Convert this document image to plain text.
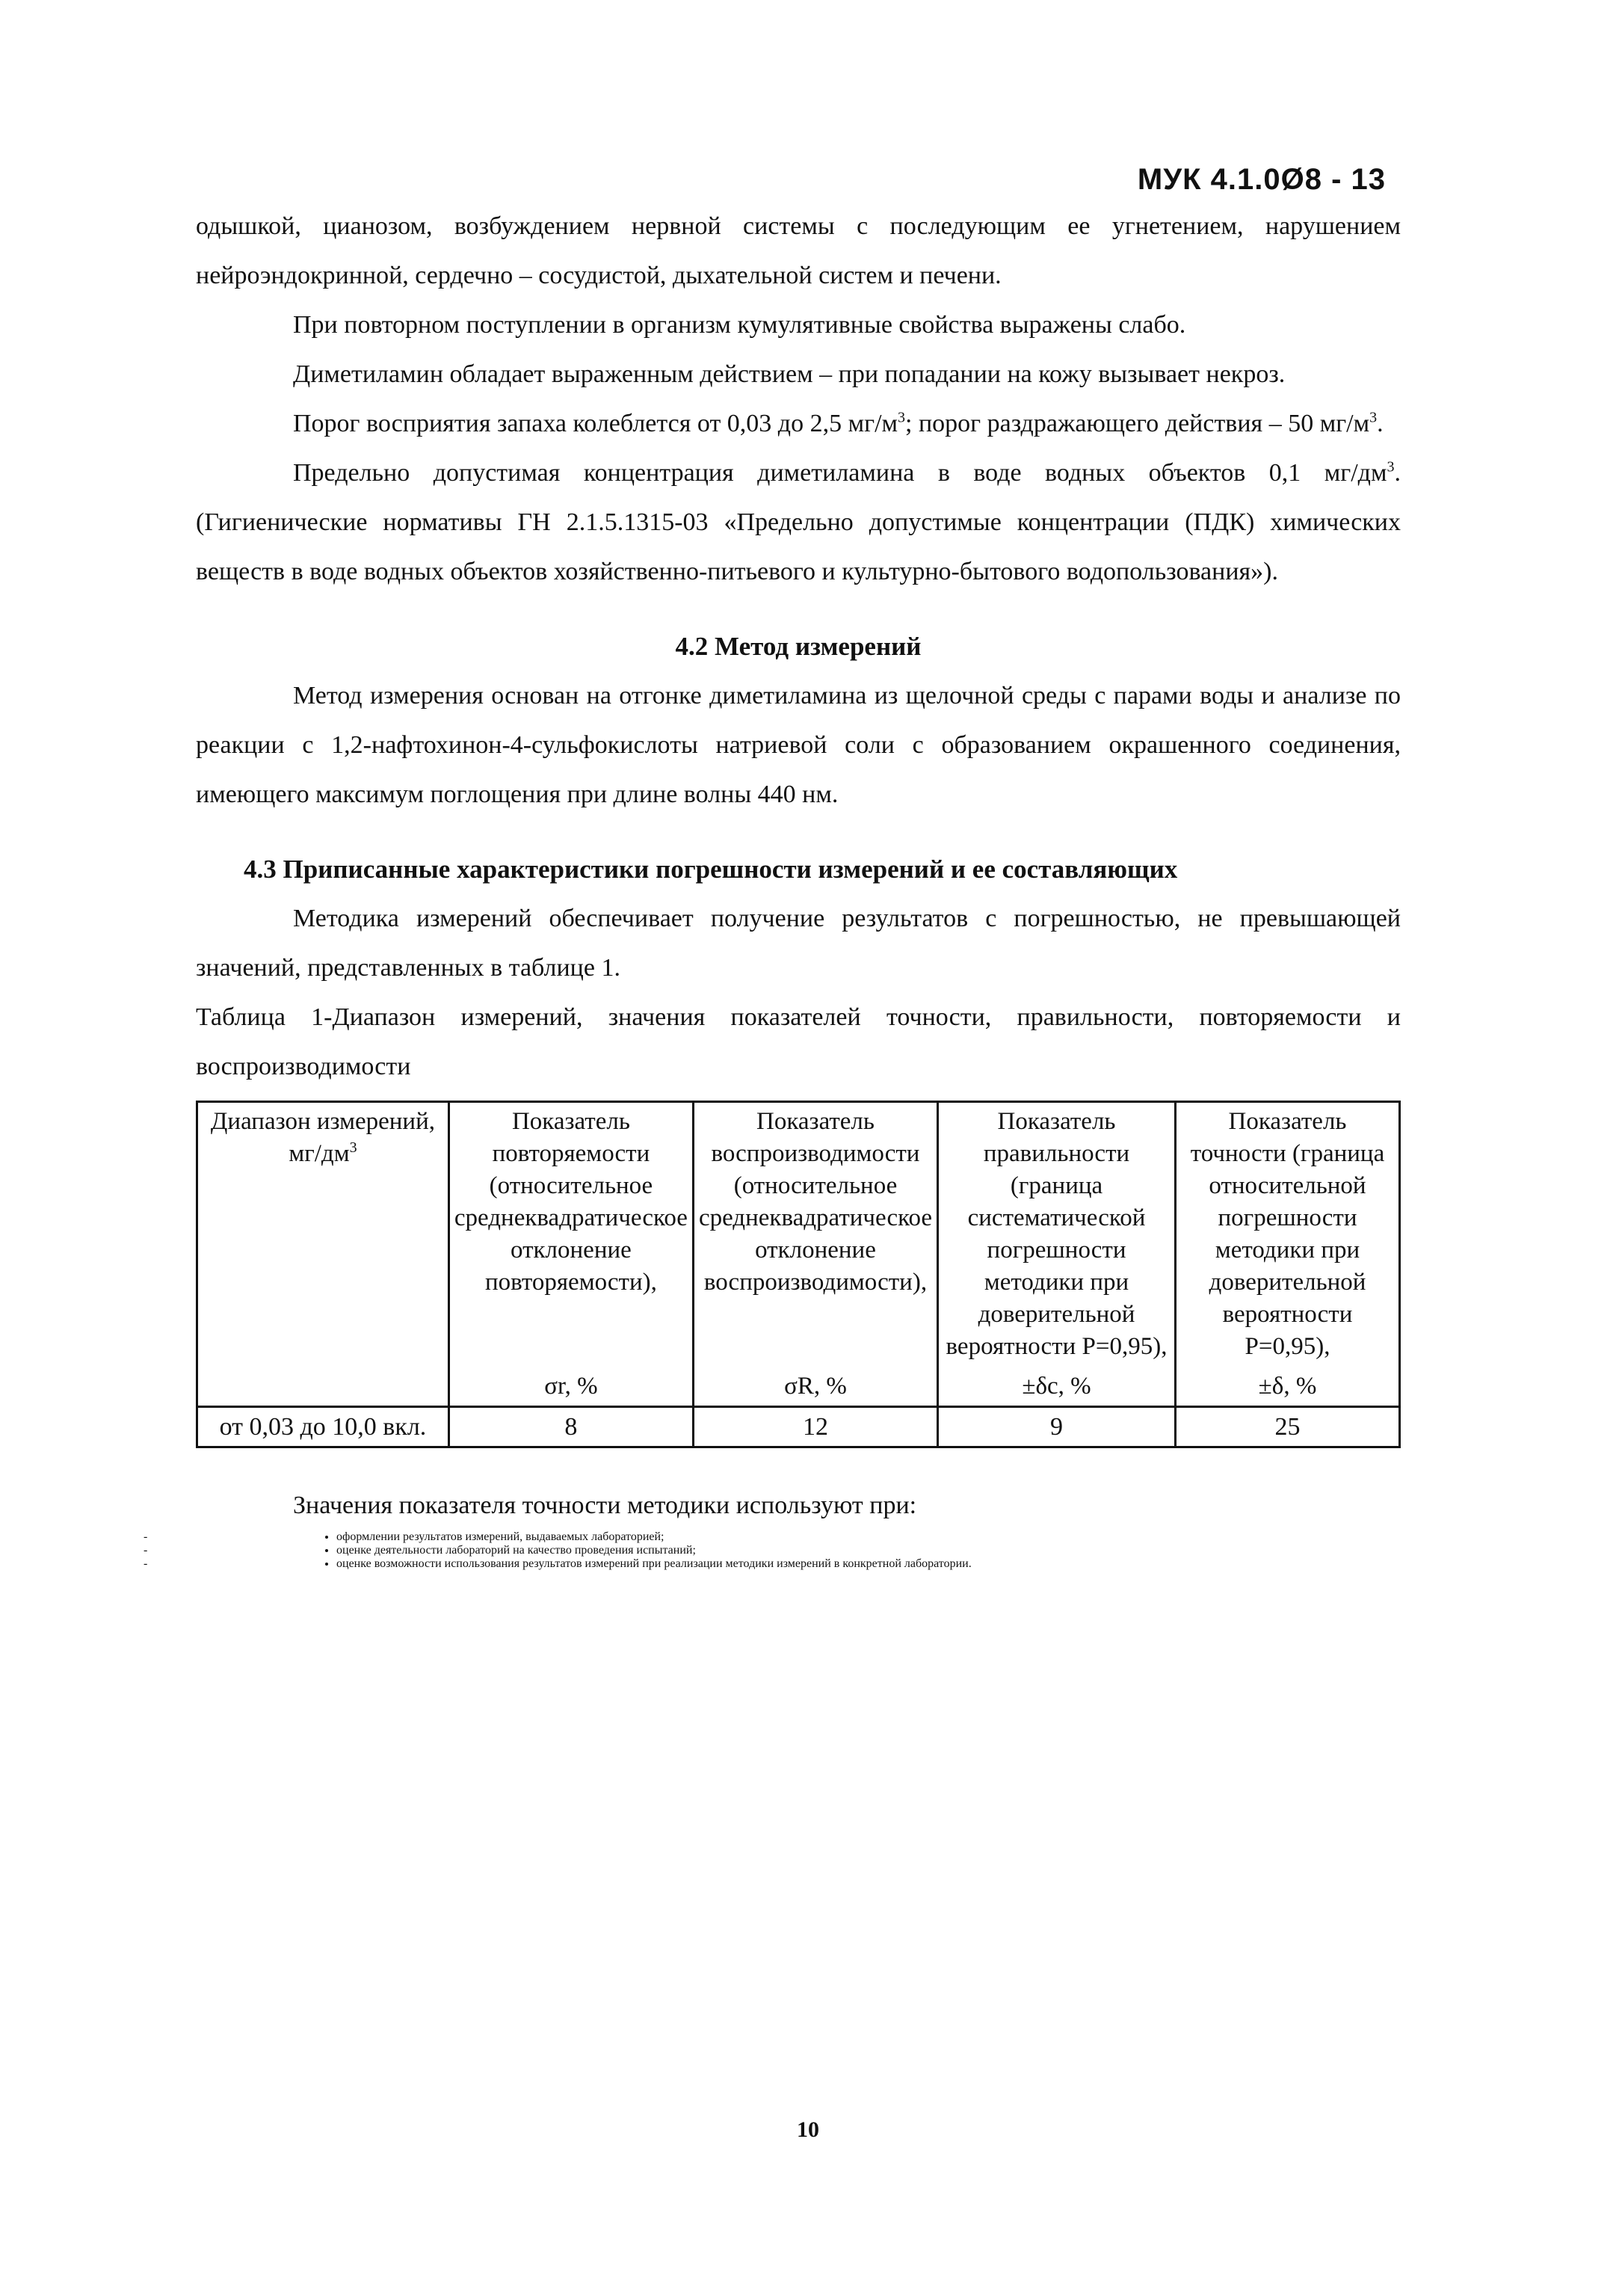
МУК 4.1.0Ø8 - 13

одышкой, цианозом, возбуждением нервной системы с последующим ее угнетением, нарушением нейроэндокринной, сердечно – сосудистой, дыхательной систем и печени.

При повторном поступлении в организм кумулятивные свойства выражены слабо.

Диметиламин обладает выраженным действием – при попадании на кожу вызывает некроз.

Порог восприятия запаха колеблется от 0,03 до 2,5 $мг/м^3$; порог раздражающего действия – 50 $мг/м^3$.

Предельно допустимая концентрация диметиламина в воде водных объектов 0,1 $мг/дм^3$. (Гигиенические нормативы ГН 2.1.5.1315-03 «Предельно допустимые концентрации (ПДК) химических веществ в воде водных объектов хозяйственно-питьевого и культурно-бытового водопользования»).

4.2 Метод измерений

Метод измерения основан на отгонке диметиламина из щелочной среды с парами воды и анализе по реакции с 1,2-нафтохинон-4-сульфокислоты натриевой соли с образованием окрашенного соединения, имеющего максимум поглощения при длине волны 440 нм.

4.3 Приписанные характеристики погрешности измерений и ее составляющих

Методика измерений обеспечивает получение результатов с погрешностью, не превышающей значений, представленных в таблице 1.

Таблица 1-Диапазон измерений, значения показателей точности, правильности, повторяемости и воспроизводимости
Диапазон измерений, $мг/дм^3$	Показатель повторяемости (относительное среднеквадратическое отклонение повторяемости),	Показатель воспроизводимости (относительное среднеквадратическое отклонение воспроизводимости),	Показатель правильности (граница систематической погрешности методики при доверительной вероятности P=0,95),	Показатель точности (граница относительной погрешности методики при доверительной вероятности P=0,95),
	σr, %	σR, %	±δс, %	±δ, %
от 0,03 до 10,0 вкл.	8	12	9	25

Значения показателя точности методики используют при:

• -	оформлении результатов измерений, выдаваемых лабораторией;
• -	оценке деятельности лабораторий на качество проведения испытаний;
• -	оценке возможности использования результатов измерений при реализации методики измерений в конкретной лаборатории.
10
